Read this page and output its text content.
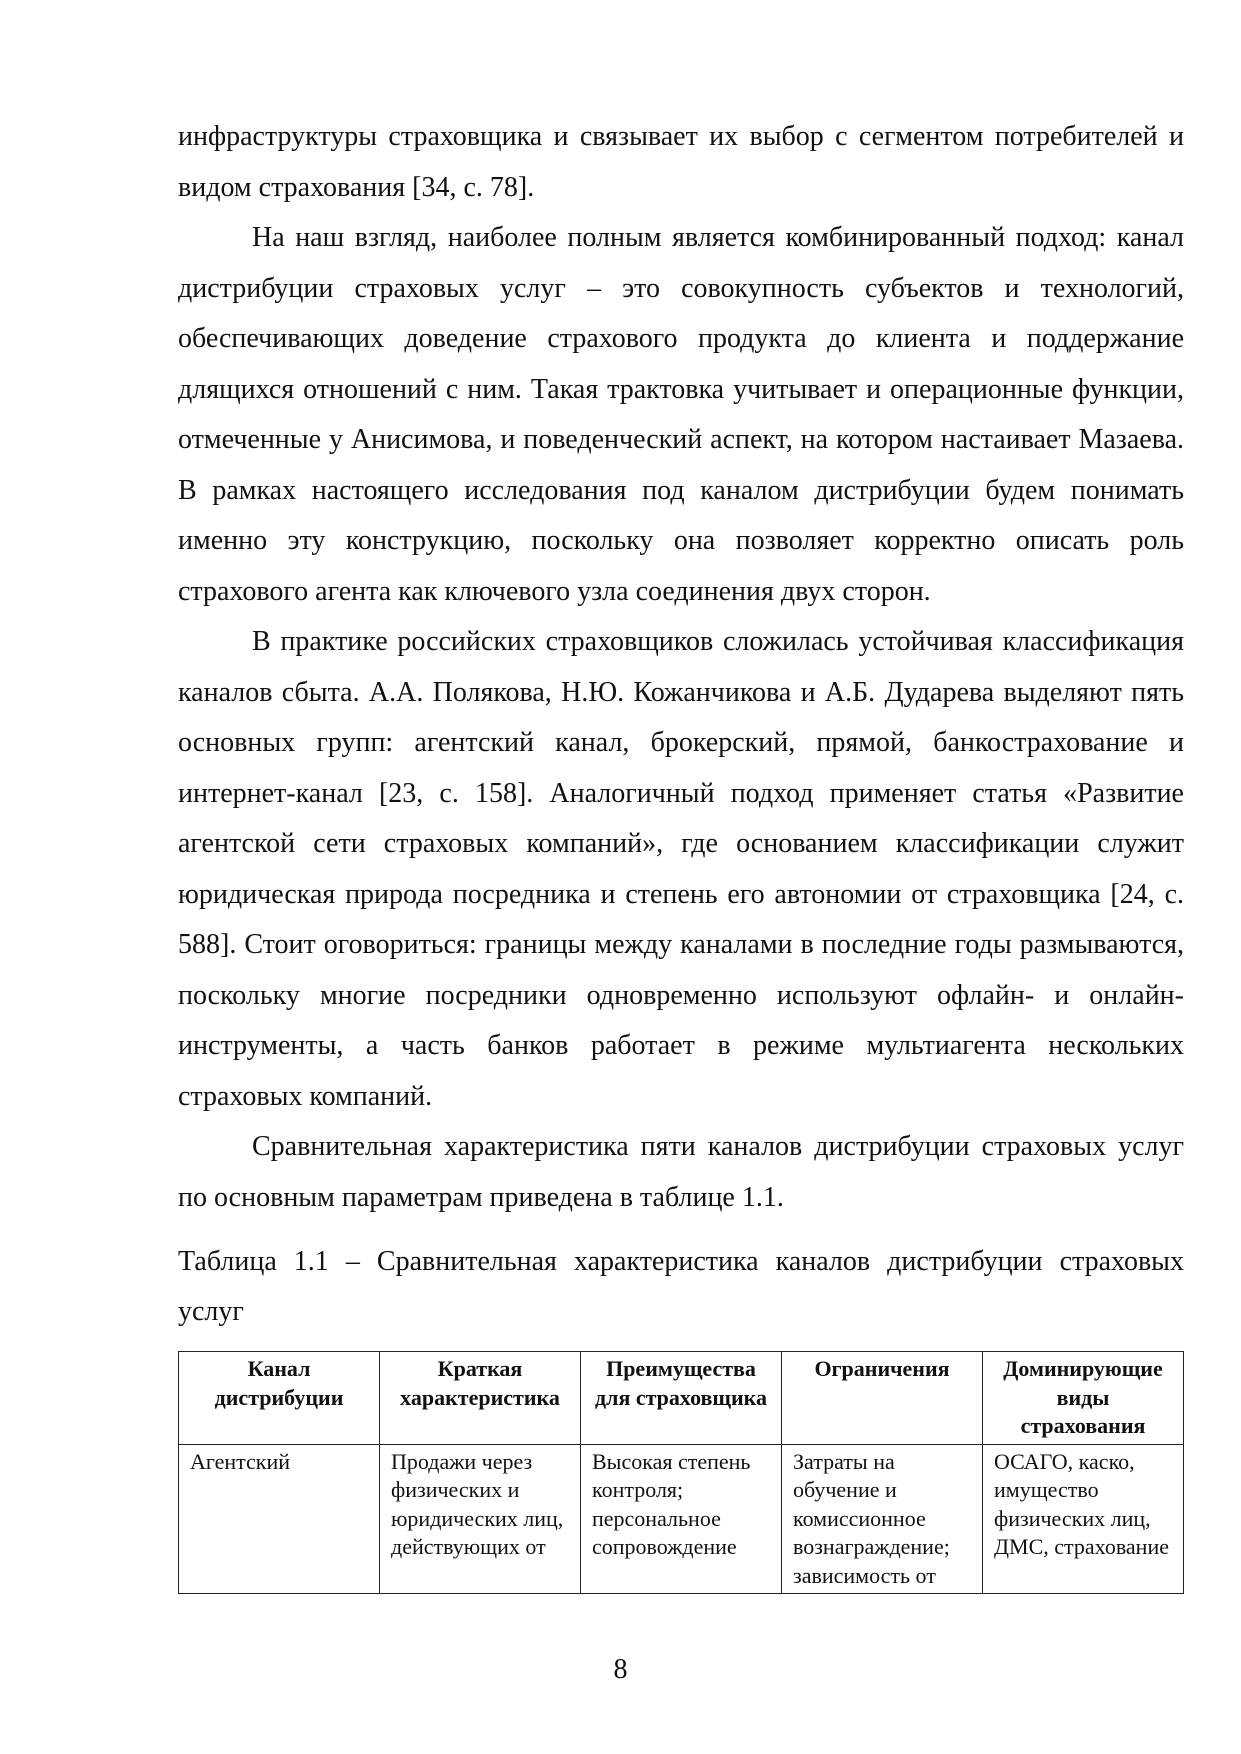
инфраструктуры страховщика и связывает их выбор с сегментом потребителей и видом страхования [34, с. 78].

На наш взгляд, наиболее полным является комбинированный подход: канал дистрибуции страховых услуг – это совокупность субъектов и технологий, обеспечивающих доведение страхового продукта до клиента и поддержание длящихся отношений с ним. Такая трактовка учитывает и операционные функции, отмеченные у Анисимова, и поведенческий аспект, на котором настаивает Мазаева. В рамках настоящего исследования под каналом дистрибуции будем понимать именно эту конструкцию, поскольку она позволяет корректно описать роль страхового агента как ключевого узла соединения двух сторон.

В практике российских страховщиков сложилась устойчивая классификация каналов сбыта. А.А. Полякова, Н.Ю. Кожанчикова и А.Б. Дударева выделяют пять основных групп: агентский канал, брокерский, прямой, банкострахование и интернет-канал [23, с. 158]. Аналогичный подход применяет статья «Развитие агентской сети страховых компаний», где основанием классификации служит юридическая природа посредника и степень его автономии от страховщика [24, с. 588]. Стоит оговориться: границы между каналами в последние годы размываются, поскольку многие посредники одновременно используют офлайн- и онлайн-инструменты, а часть банков работает в режиме мультиагента нескольких страховых компаний.

Сравнительная характеристика пяти каналов дистрибуции страховых услуг по основным параметрам приведена в таблице 1.1.

Таблица 1.1 – Сравнительная характеристика каналов дистрибуции страховых услуг

Канал дистрибуции	Краткая характеристика	Преимущества для страховщика	Ограничения	Доминирующие виды страхования

Агентский	Продажи через физических и юридических лиц, действующих от	Высокая степень контроля; персональное сопровождение	Затраты на обучение и комиссионное вознаграждение; зависимость от	ОСАГО, каско, имущество физических лиц, ДМС, страхование
8
